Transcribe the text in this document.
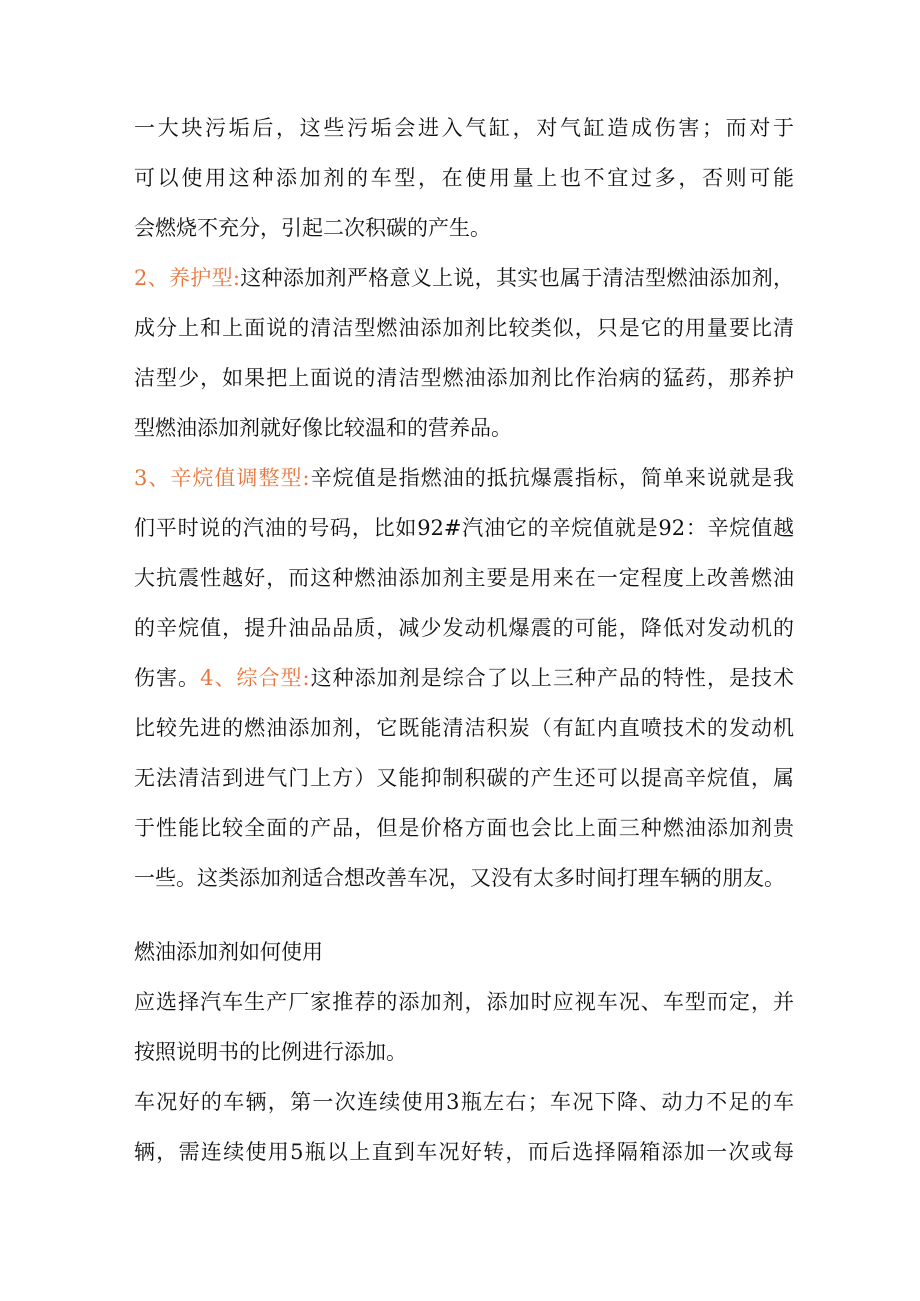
一大块污垢后，这些污垢会进入气缸，对气缸造成伤害；而对于
可以使用这种添加剂的车型，在使用量上也不宜过多，否则可能
会燃烧不充分，引起二次积碳的产生。
2、养护型:这种添加剂严格意义上说，其实也属于清洁型燃油添加剂，
成分上和上面说的清洁型燃油添加剂比较类似，只是它的用量要比清
洁型少，如果把上面说的清洁型燃油添加剂比作治病的猛药，那养护
型燃油添加剂就好像比较温和的营养品。
3、辛烷值调整型:辛烷值是指燃油的抵抗爆震指标，简单来说就是我
们平时说的汽油的号码，比如92#汽油它的辛烷值就是92：辛烷值越
大抗震性越好，而这种燃油添加剂主要是用来在一定程度上改善燃油
的辛烷值，提升油品品质，减少发动机爆震的可能，降低对发动机的
伤害。4、综合型:这种添加剂是综合了以上三种产品的特性，是技术
比较先进的燃油添加剂，它既能清洁积炭（有缸内直喷技术的发动机
无法清洁到进气门上方）又能抑制积碳的产生还可以提高辛烷值，属
于性能比较全面的产品，但是价格方面也会比上面三种燃油添加剂贵
一些。这类添加剂适合想改善车况，又没有太多时间打理车辆的朋友。
燃油添加剂如何使用
应选择汽车生产厂家推荐的添加剂，添加时应视车况、车型而定，并
按照说明书的比例进行添加。
车况好的车辆，第一次连续使用3瓶左右；车况下降、动力不足的车
辆，需连续使用5瓶以上直到车况好转，而后选择隔箱添加一次或每
